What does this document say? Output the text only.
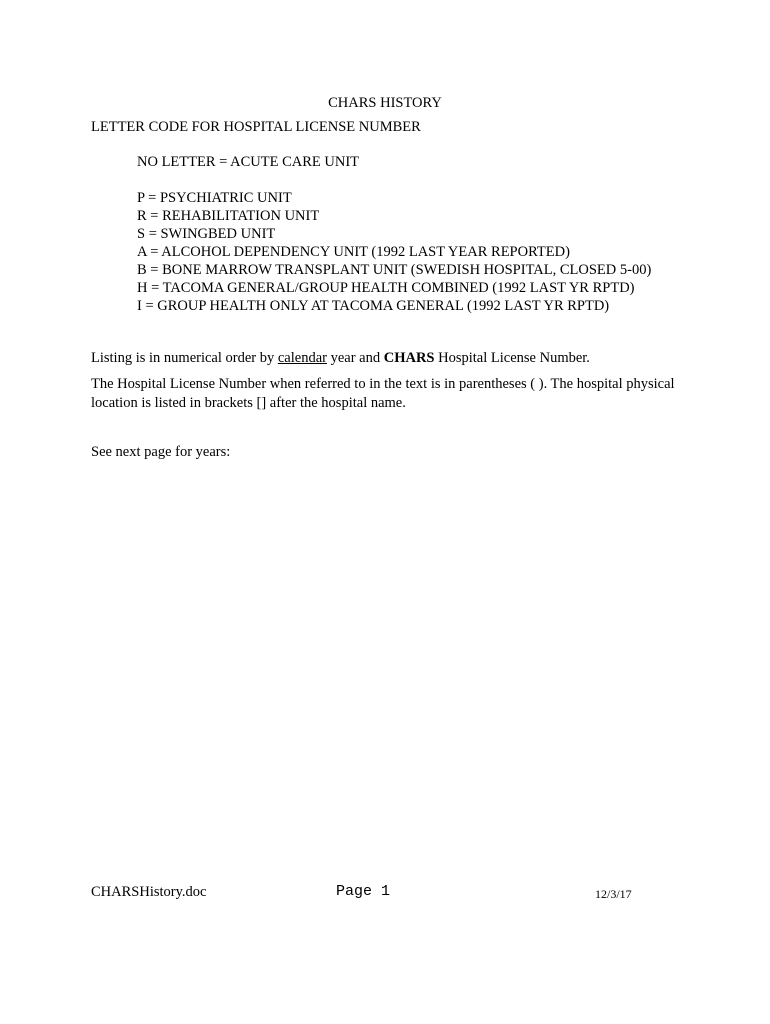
CHARS HISTORY
LETTER CODE FOR HOSPITAL LICENSE NUMBER
NO LETTER = ACUTE CARE UNIT
P = PSYCHIATRIC UNIT
R = REHABILITATION UNIT
S = SWINGBED UNIT
A = ALCOHOL DEPENDENCY UNIT (1992 LAST YEAR REPORTED)
B = BONE MARROW TRANSPLANT UNIT (SWEDISH HOSPITAL, CLOSED 5-00)
H = TACOMA GENERAL/GROUP HEALTH COMBINED (1992 LAST YR RPTD)
I = GROUP HEALTH ONLY AT TACOMA GENERAL (1992 LAST YR RPTD)
Listing is in numerical order by calendar year and CHARS Hospital License Number.
The Hospital License Number when referred to in the text is in parentheses ( ). The hospital physical location is listed in brackets [] after the hospital name.
See next page for years:
CHARSHistory.doc	Page 1	12/3/17
